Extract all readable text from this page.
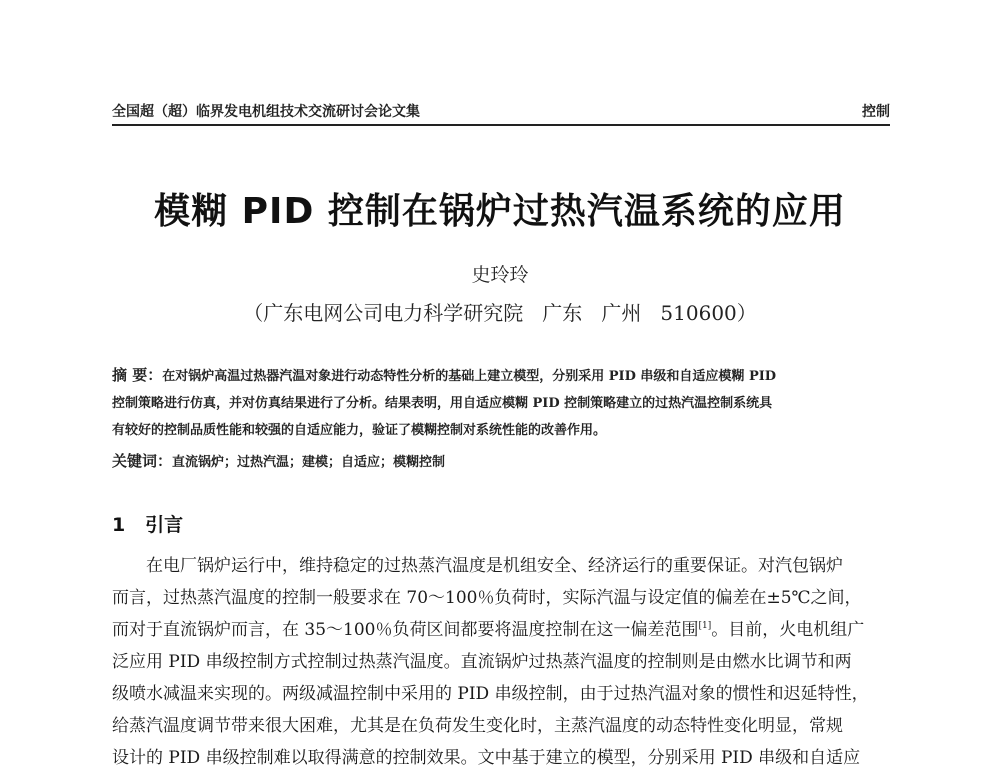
全国超（超）临界发电机组技术交流研讨会论文集	控制
模糊 PID 控制在锅炉过热汽温系统的应用
史玲玲
（广东电网公司电力科学研究院   广东   广州   510600）
摘 要：在对锅炉高温过热器汽温对象进行动态特性分析的基础上建立模型，分别采用 PID 串级和自适应模糊 PID
控制策略进行仿真，并对仿真结果进行了分析。结果表明，用自适应模糊 PID 控制策略建立的过热汽温控制系统具
有较好的控制品质性能和较强的自适应能力，验证了模糊控制对系统性能的改善作用。
关键词：直流锅炉；过热汽温；建模；自适应；模糊控制
1 引言
在电厂锅炉运行中，维持稳定的过热蒸汽温度是机组安全、经济运行的重要保证。对汽包锅炉
而言，过热蒸汽温度的控制一般要求在 70～100％负荷时，实际汽温与设定值的偏差在±5℃之间，
而对于直流锅炉而言，在 35～100％负荷区间都要将温度控制在这一偏差范围[1]。目前，火电机组广
泛应用 PID 串级控制方式控制过热蒸汽温度。直流锅炉过热蒸汽温度的控制则是由燃水比调节和两
级喷水减温来实现的。两级减温控制中采用的 PID 串级控制，由于过热汽温对象的惯性和迟延特性，
给蒸汽温度调节带来很大困难，尤其是在负荷发生变化时，主蒸汽温度的动态特性变化明显，常规
设计的 PID 串级控制难以取得满意的控制效果。文中基于建立的模型，分别采用 PID 串级和自适应
